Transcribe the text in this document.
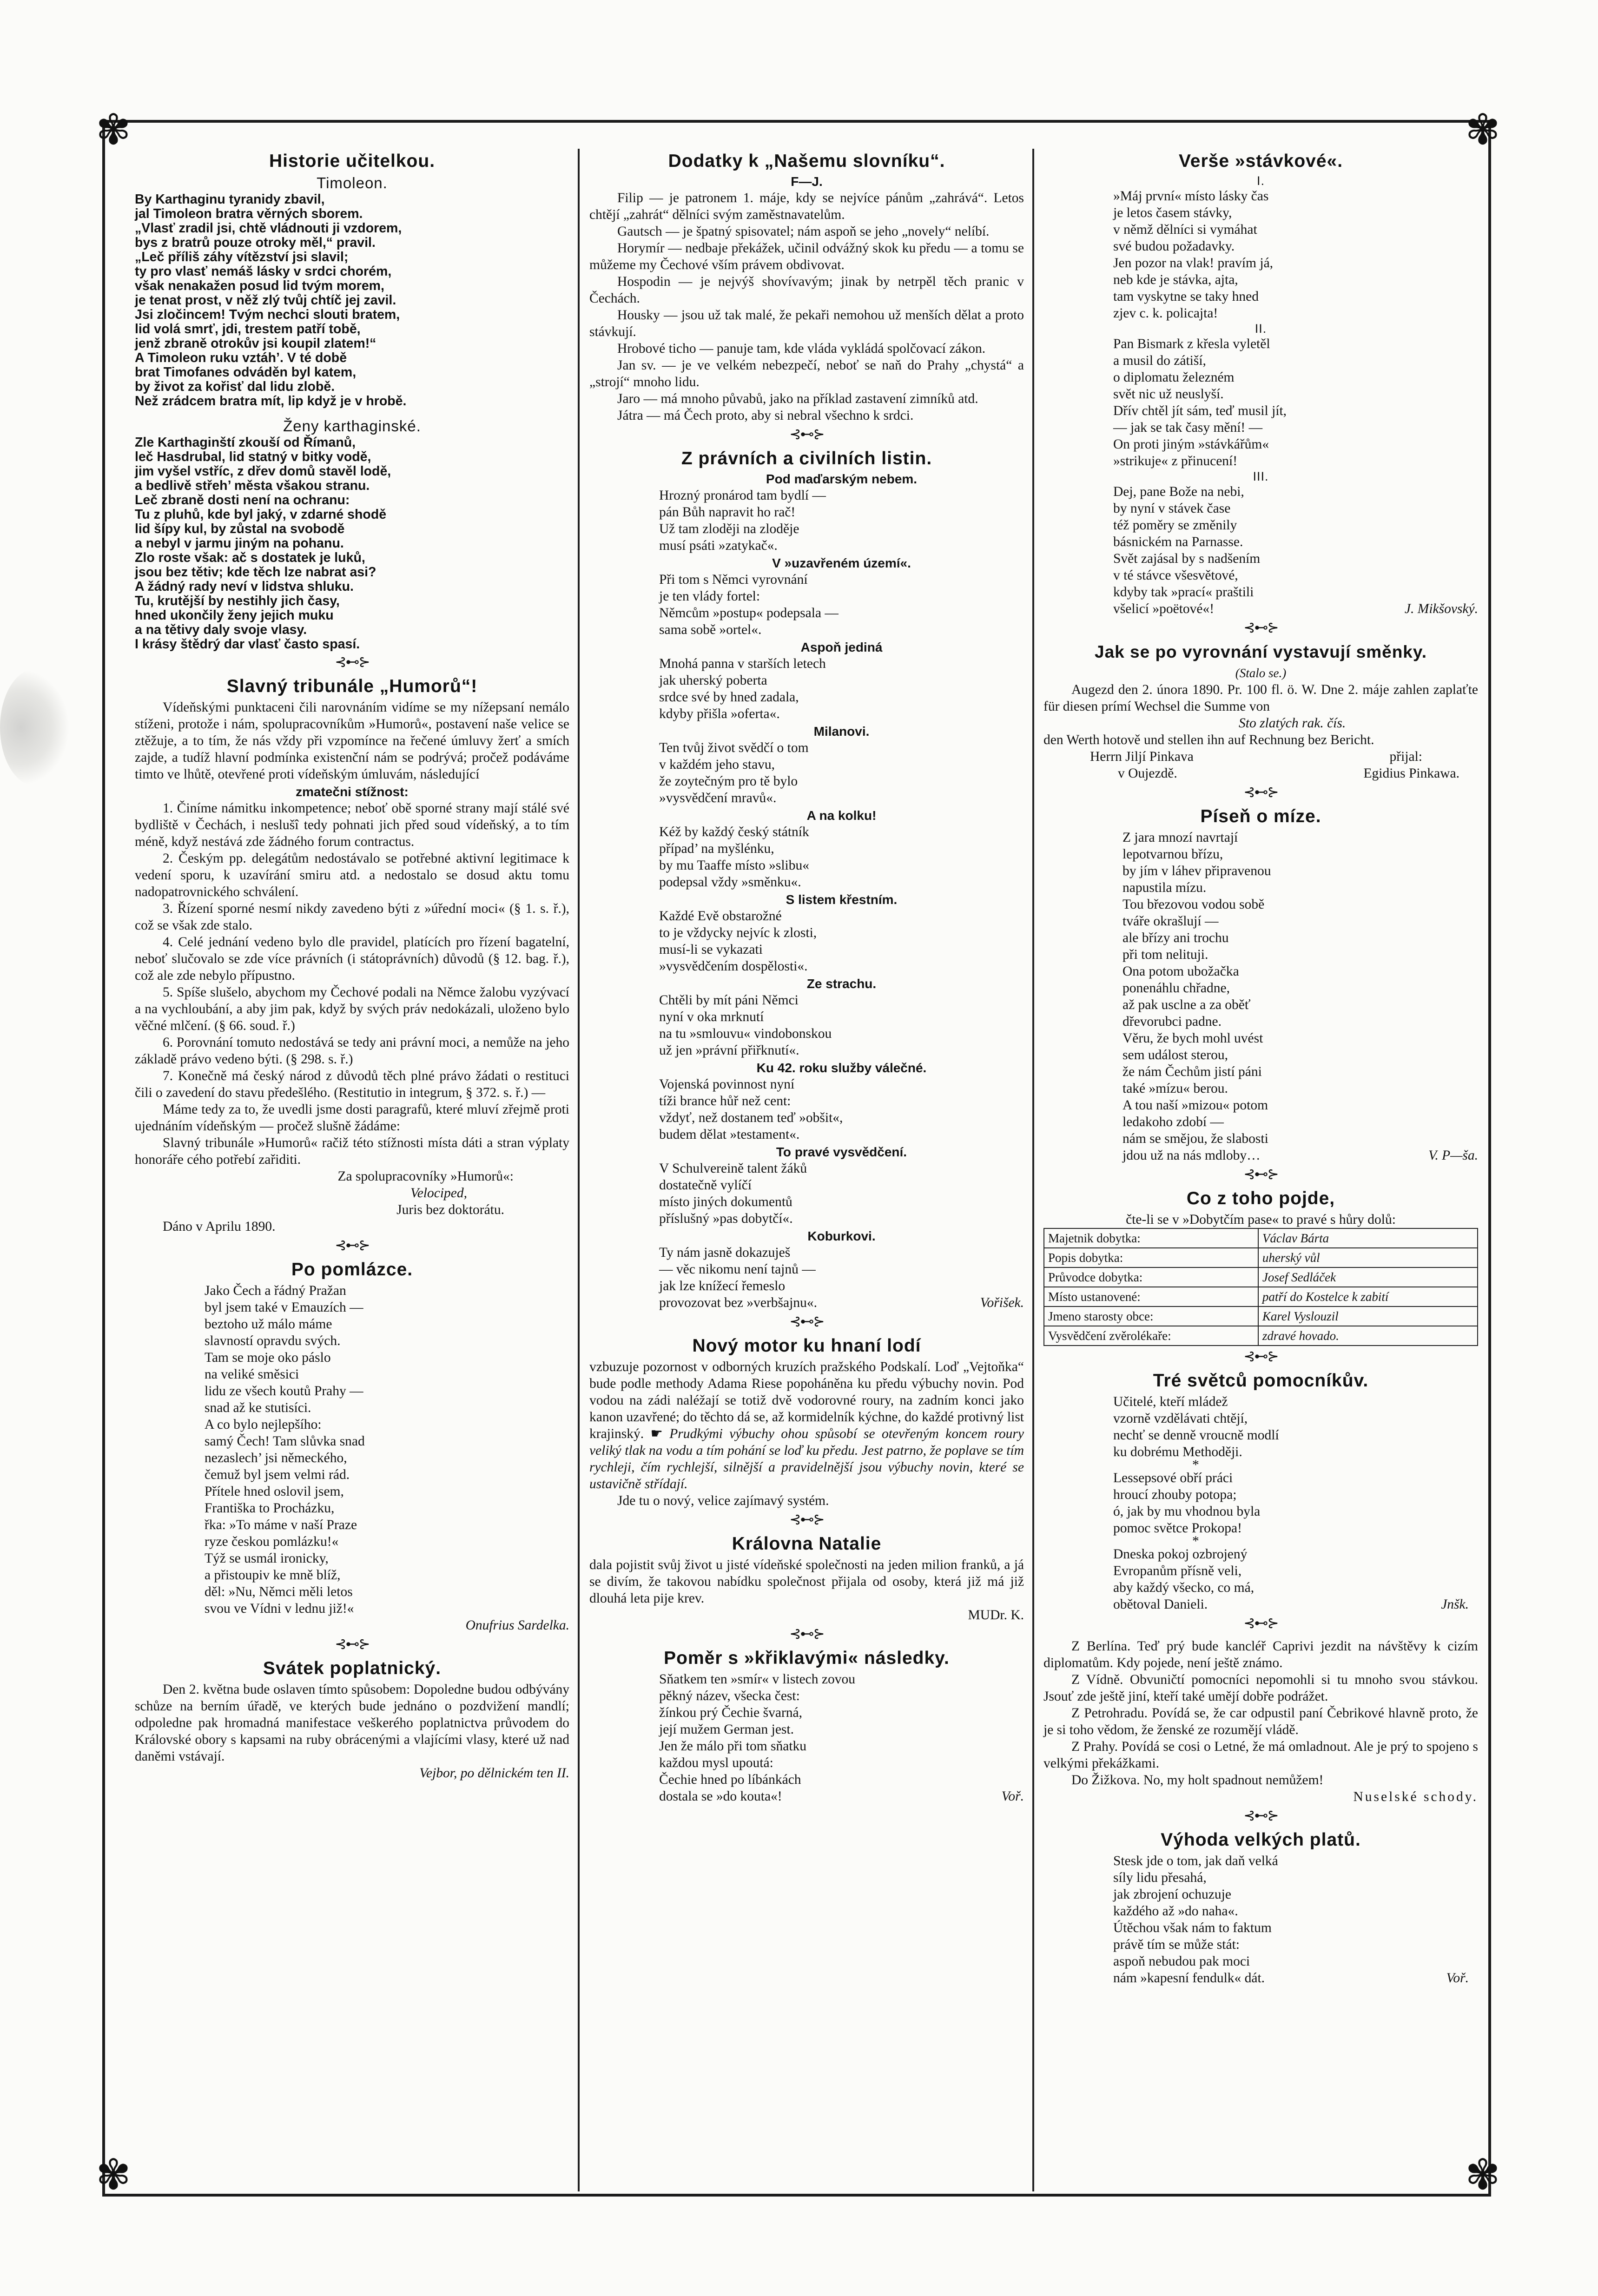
✾	✾
✾	✾
Historie učitelkou.
Timoleon.
By Karthaginu tyranidy zbavil,
jal Timoleon bratra věrných sborem.
„Vlasť zradil jsi, chtě vládnouti ji vzdorem,
bys z bratrů pouze otroky měl,“ pravil.
„Leč příliš záhy vítězství jsi slavil;
ty pro vlasť nemáš lásky v srdci chorém,
však nenakažen posud lid tvým morem,
je tenat prost, v něž zlý tvůj chtíč jej zavil.
Jsi zločincem! Tvým nechci slouti bratem,
lid volá smrť, jdi, trestem patří tobě,
jenž zbraně otrokův jsi koupil zlatem!“
A Timoleon ruku vztáh’. V té době
brat Timofanes odváděn byl katem,
by život za kořisť dal lidu zlobě.
Než zrádcem bratra mít, lip když je v hrobě.
Ženy karthaginské.
Zle Karthaginští zkouší od Římanů,
leč Hasdrubal, lid statný v bitky vodě,
jim vyšel vstříc, z dřev domů stavěl lodě,
a bedlivě střeh’ města všakou stranu.
Leč zbraně dosti není na ochranu:
Tu z pluhů, kde byl jaký, v zdarné shodě
lid šípy kul, by zůstal na svobodě
a nebyl v jarmu jiným na pohanu.
Zlo roste však: ač s dostatek je luků,
jsou bez tětiv; kde těch lze nabrat asi?
A žádný rady neví v lidstva shluku.
Tu, krutější by nestihly jich časy,
hned ukončily ženy jejich muku
a na tětivy daly svoje vlasy.
I krásy štědrý dar vlasť často spasí.
⊰⊷⊱
Slavný tribunále „Humorů“!

Vídeňskými punktaceni čili narovnáním vidíme se my nížepsaní nemálo stíženi, protože i nám, spolupracovníkům »Humorů«, postavení naše velice se ztěžuje, a to tím, že nás vždy při vzpomínce na řečené úmluvy žerť a smích zajde, a tudíž hlavní podmínka existenční nám se podrývá; pročež podáváme timto ve lhůtě, otevřené proti vídeňským úmluvám, následující

zmatečni stížnost:

1. Činíme námitku inkompetence; neboť obě sporné strany mají stálé své bydliště v Čechách, i neslušî tedy pohnati jich před soud vídeňský, a to tím méně, když nestává zde žádného forum contractus.

2. Českým pp. delegátům nedostávalo se potřebné aktivní legitimace k vedení sporu, k uzavírání smiru atd. a nedostalo se dosud aktu tomu nadopatrovnického schválení.

3. Řízení sporné nesmí nikdy zavedeno býti z »úřední moci« (§ 1. s. ř.), což se však zde stalo.

4. Celé jednání vedeno bylo dle pravidel, platících pro řízení bagatelní, neboť slučovalo se zde více právních (i státoprávních) důvodů (§ 12. bag. ř.), což ale zde nebylo přípustno.

5. Spíše slušelo, abychom my Čechové podali na Němce žalobu vyzývací a na vychloubání, a aby jim pak, když by svých práv nedokázali, uloženo bylo věčné mlčení. (§ 66. soud. ř.)

6. Porovnání tomuto nedostává se tedy ani právní moci, a nemůže na jeho základě právo vedeno býti. (§ 298. s. ř.)

7. Konečně má český národ z důvodů těch plné právo žádati o restituci čili o zavedení do stavu předešlého. (Restitutio in integrum, § 372. s. ř.) —

Máme tedy za to, že uvedli jsme dosti paragrafů, které mluví zřejmě proti ujednáním vídeňským — pročež slušně žádáme:

Slavný tribunále »Humorů« račiž této stížnosti místa dáti a stran výplaty honoráře cého potřebí zařiditi.

Za spolupracovníky »Humorů«:

Velociped,

Juris bez doktorátu.

Dáno v Aprilu 1890.

⊰⊷⊱
Po pomlázce.
Jako Čech a řádný Pražan
byl jsem také v Emauzích —
beztoho už málo máme
slavností opravdu svých.
Tam se moje oko páslo
na veliké směsici
lidu ze všech koutů Prahy —
snad až ke stutisíci.
A co bylo nejlepšího:
samý Čech! Tam slůvka snad
nezaslech’ jsi německého,
čemuž byl jsem velmi rád.
Přítele hned oslovil jsem,
Františka to Procházku,
řka: »To máme v naší Praze
ryze českou pomlázku!«
Týž se usmál ironicky,
a přistoupiv ke mně blíž,
děl: »Nu, Němci měli letos
svou ve Vídni v lednu již!«

Onufrius Sardelka.

⊰⊷⊱
Svátek poplatnický.

Den 2. května bude oslaven tímto spůsobem: Dopoledne budou odbývány schůze na berním úřadě, ve kterých bude jednáno o pozdvižení mandlí; odpoledne pak hromadná manifestace veškerého poplatnictva průvodem do Královské obory s kapsami na ruby obrácenými a vlajícími vlasy, které už nad daněmi vstávají.

Vejbor, po dělnickém ten II.

Dodatky k „Našemu slovníku“.
F—J.

Filip — je patronem 1. máje, kdy se nejvíce pánům „zahrává“. Letos chtějí „zahrát“ dělníci svým zaměstnavatelům.

Gautsch — je špatný spisovatel; nám aspoň se jeho „novely“ nelíbí.

Horymír — nedbaje překážek, učinil odvážný skok ku předu — a tomu se můžeme my Čechové vším právem obdivovat.

Hospodin — je nejvýš shovívavým; jinak by netrpěl těch pranic v Čechách.

Housky — jsou už tak malé, že pekaři nemohou už menších dělat a proto stávkují.

Hrobové ticho — panuje tam, kde vláda vykládá spolčovací zákon.

Jan sv. — je ve velkém nebezpečí, neboť se naň do Prahy „chystá“ a „strojí“ mnoho lidu.

Jaro — má mnoho půvabů, jako na příklad zastavení zimníků atd.

Játra — má Čech proto, aby si nebral všechno k srdci.

⊰⊷⊱
Z právních a civilních listin.
Pod maďarským nebem.
Hrozný pronárod tam bydlí —
pán Bůh napravit ho rač!
Už tam zloději na zloděje
musí psáti »zatykač«.
V »uzavřeném území«.
Při tom s Němci vyrovnání
je ten vlády fortel:
Němcům »postup« podepsala —
sama sobě »ortel«.
Aspoň jediná
Mnohá panna v starších letech
jak uherský poberta
srdce své by hned zadala,
kdyby přišla »oferta«.
Milanovi.
Ten tvůj život svědčí o tom
v každém jeho stavu,
že zoytečným pro tě bylo
»vysvědčení mravů«.
A na kolku!
Kéž by každý český státník
případ’ na myšlénku,
by mu Taaffe místo »slibu«
podepsal vždy »směnku«.
S listem křestním.
Každé Evě obstarožné
to je vždycky nejvíc k zlosti,
musí-li se vykazati
»vysvědčením dospělosti«.
Ze strachu.
Chtěli by mít páni Němci
nyní v oka mrknutí
na tu »smlouvu« vindobonskou
už jen »právní přiřknutí«.
Ku 42. roku služby válečné.
Vojenská povinnost nyní
tíži brance hůř než cent:
vždyť, než dostanem teď »obšit«,
budem dělat »testament«.
To pravé vysvědčení.
V Schulvereině talent žáků
dostatečně vylíčí
místo jiných dokumentů
příslušný »pas dobytčí«.
Koburkovi.
Ty nám jasně dokazuješ
— věc nikomu není tajnů —
jak lze knížecí řemeslo
provozovat bez »verbšajnu«.	Vořišek.

⊰⊷⊱
Nový motor ku hnaní lodí

vzbuzuje pozornost v odborných kruzích pražského Podskalí. Loď „Vejtoňka“ bude podle methody Adama Riese popoháněna ku předu výbuchy novin. Pod vodou na zádi naléžají se totiž dvě vodorovné roury, na zadním konci jako kanon uzavřené; do těchto dá se, až kormidelník kýchne, do každé protivný list krajinský. ☛ Prudkými výbuchy ohou spůsobí se otevřeným koncem roury veliký tlak na vodu a tím pohání se loď ku předu. Jest patrno, že poplave se tím rychleji, čím rychlejší, silnější a pravidelnější jsou výbuchy novin, které se ustavičně střídají.

Jde tu o nový, velice zajímavý systém.

⊰⊷⊱
Královna Natalie

dala pojistit svůj život u jisté vídeňské společnosti na jeden milion franků, a já se divím, že takovou nabídku společnost přijala od osoby, která již má již dlouhá leta pije krev.

MUDr. K.

⊰⊷⊱
Poměr s »křiklavými« následky.
Sňatkem ten »smír« v listech zovou
pěkný název, všecka čest:
žínkou prý Čechie švarná,
její mužem German jest.
Jen že málo při tom sňatku
každou mysl upoutá:
Čechie hned po líbánkách
dostala se »do kouta«!	Voř.

Verše »stávkové«.
I.
»Máj první« místo lásky čas
je letos časem stávky,
v němž dělníci si vymáhat
své budou požadavky.
Jen pozor na vlak! pravím já,
neb kde je stávka, ajta,
tam vyskytne se taky hned
zjev c. k. policajta!
II.
Pan Bismark z křesla vyletěl
a musil do zátiší,
o diplomatu železném
svět nic už neuslyší.
Dřív chtěl jít sám, teď musil jít,
— jak se tak časy mění! —
On proti jiným »stávkářům«
»strikuje« z přinucení!
III.
Dej, pane Bože na nebi,
by nyní v stávek čase
též poměry se změnily
básnickém na Parnasse.
Svět zajásal by s nadšením
v té stávce všesvětové,
kdyby tak »prací« praštili
všelicí »poëtové«!	J. Mikšovský.

⊰⊷⊱
Jak se po vyrovnání vystavují směnky.
(Stalo se.)

Augezd den 2. února 1890. Pr. 100 fl. ö. W. Dne 2. máje zahlen zaplaťte für diesen prímí Wechsel die Summe von

Sto zlatých rak. čís.

den Werth hotově und stellen ihn auf Rechnung bez Bericht.

Herrn Jiljí Pinkava	přijal:
v Oujezdě.	Egidius Pinkawa.
⊰⊷⊱
Píseň o míze.
Z jara mnozí navrtají
lepotvarnou břízu,
by jím v láhev připravenou
napustila mízu.
Tou březovou vodou sobě
tváře okrašlují —
ale břízy ani trochu
při tom nelituji.
Ona potom ubožačka
ponenáhlu chřadne,
až pak usclne a za oběť
dřevorubci padne.
Věru, že bych mohl uvést
sem událost sterou,
že nám Čechům jistí páni
také »mízu« berou.
A tou naší »mizou« potom
ledakoho zdobí —
nám se smějou, že slabosti
jdou už na nás mdloby…	V. P—ša.

⊰⊷⊱
Co z toho pojde,

čte-li se v »Dobytčím pase« to pravé s hůry dolů:

Majetnik dobytka:	Václav Bárta
Popis dobytka:	uherský vůl
Průvodce dobytka:	Josef Sedláček
Místo ustanovené:	patří do Kostelce k zabití
Jmeno starosty obce:	Karel Vyslouzil
Vysvědčení zvěrolékaře:	zdravé hovado.
⊰⊷⊱
Tré světců pomocníkův.
Učitelé, kteří mládež
vzorně vzdělávati chtějí,
nechť se denně vroucně modlí
ku dobrému Methoději.
*
Lessepsové obří práci
hroucí zhouby potopa;
ó, jak by mu vhodnou byla
pomoc světce Prokopa!
*
Dneska pokoj ozbrojený
Evropanům přísně veli,
aby každý všecko, co má,
obětoval Danieli.	Jnšk.

⊰⊷⊱

Z Berlína. Teď prý bude kancléř Caprivi jezdit na návštěvy k cizím diplomatům. Kdy pojede, není ještě známo.

Z Vídně. Obvuničtí pomocníci nepomohli si tu mnoho svou stávkou. Jsouť zde ještě jiní, kteří také umějí dobře podrážet.

Z Petrohradu. Povídá se, že car odpustil paní Čebrikové hlavně proto, že je si toho vědom, že ženské ze rozumějí vládě.

Z Prahy. Povídá se cosi o Letné, že má omladnout. Ale je prý to spojeno s velkými překážkami.

Do Žižkova. No, my holt spadnout nemůžem!

Nuselské schody.

⊰⊷⊱
Výhoda velkých platů.
Stesk jde o tom, jak daň velká
síly lidu přesahá,
jak zbrojení ochuzuje
každého až »do naha«.
Útěchou však nám to faktum
právě tím se může stát:
aspoň nebudou pak moci
nám »kapesní fendulk« dát.	Voř.
